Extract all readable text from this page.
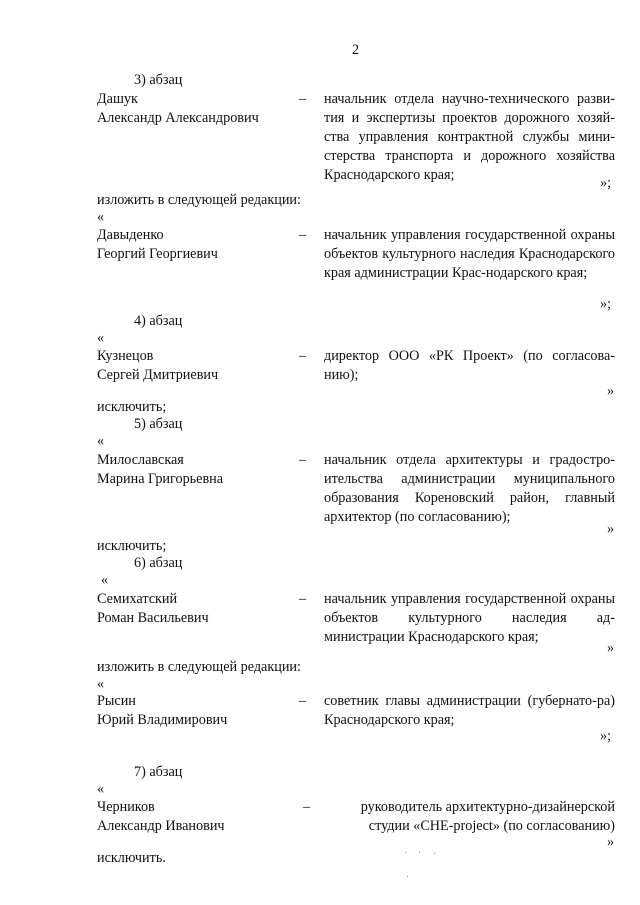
2
3) абзац
Дашук
Александр Александрович
– начальник отдела научно-технического разви-тия и экспертизы проектов дорожного хозяй-ства управления контрактной службы мини-стерства транспорта и дорожного хозяйства Краснодарского края;	»;
изложить в следующей редакции:
«
Давыденко
Георгий Георгиевич
– начальник управления государственной охраны объектов культурного наследия Краснодарского края администрации Крас-нодарского края;
»;
4) абзац
«
Кузнецов
Сергей Дмитриевич
– директор ООО «РК Проект» (по согласова-нию);
»
исключить;
5) абзац
«
Милославская
Марина Григорьевна
– начальник отдела архитектуры и градостро-ительства администрации муниципального образования Кореновский район, главный архитектор (по согласованию);
»
исключить;
6) абзац
«
Семихатский
Роман Васильевич
– начальник управления государственной охраны объектов культурного наследия ад-министрации Краснодарского края;
»
изложить в следующей редакции:
«
Рысин
Юрий Владимирович
– советник главы администрации (губернато-ра) Краснодарского края;
»;
7) абзац
«
Черников
Александр Иванович
–	руководитель архитектурно-дизайнерской студии «CHE-project» (по согласованию)
»
исключить.
